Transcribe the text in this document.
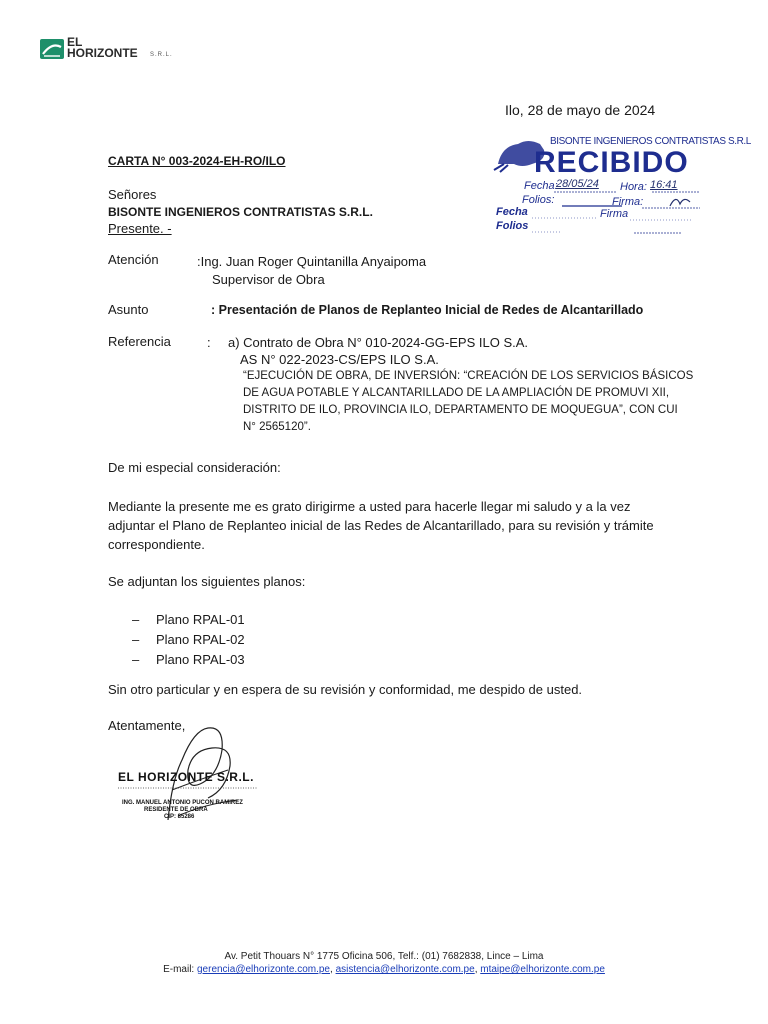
EL
HORIZONTE S.R.L.
Ilo, 28 de mayo de 2024
CARTA N° 003-2024-EH-RO/ILO
Señores
BISONTE INGENIEROS CONTRATISTAS S.R.L.
Presente. -
BISONTE INGENIEROS CONTRATISTAS S.R.L
RECIBIDO
Fecha:
28/05/24 Hora: 16:41
Folios:	Firma:
Fecha	Firma
Folios
Atención	:Ing. Juan Roger Quintanilla Anyaipoma
Supervisor de Obra
Asunto	: Presentación de Planos de Replanteo Inicial de Redes de Alcantarillado
Referencia	: a) Contrato de Obra N° 010-2024-GG-EPS ILO S.A.
AS N° 022-2023-CS/EPS ILO S.A.
“EJECUCIÓN DE OBRA, DE INVERSIÓN: “CREACIÓN DE LOS SERVICIOS BÁSICOS
DE AGUA POTABLE Y ALCANTARILLADO DE LA AMPLIACIÓN DE PROMUVI XII,
DISTRITO DE ILO, PROVINCIA ILO, DEPARTAMENTO DE MOQUEGUA”, CON CUI
N° 2565120”.
De mi especial consideración:
Mediante la presente me es grato dirigirme a usted para hacerle llegar mi saludo y a la vez
adjuntar el Plano de Replanteo inicial de las Redes de Alcantarillado, para su revisión y trámite
correspondiente.
Se adjuntan los siguientes planos:
– Plano RPAL-01
– Plano RPAL-02
– Plano RPAL-03
Sin otro particular y en espera de su revisión y conformidad, me despido de usted.
Atentamente,
EL HORIZONTE S.R.L.
ING. MANUEL ANTONIO PUCON RAMIREZ
RESIDENTE DE OBRA
CIP: 85286
Av. Petit Thouars N° 1775 Oficina 506, Telf.: (01) 7682838, Lince – Lima
E-mail: gerencia@elhorizonte.com.pe, asistencia@elhorizonte.com.pe, mtaipe@elhorizonte.com.pe
